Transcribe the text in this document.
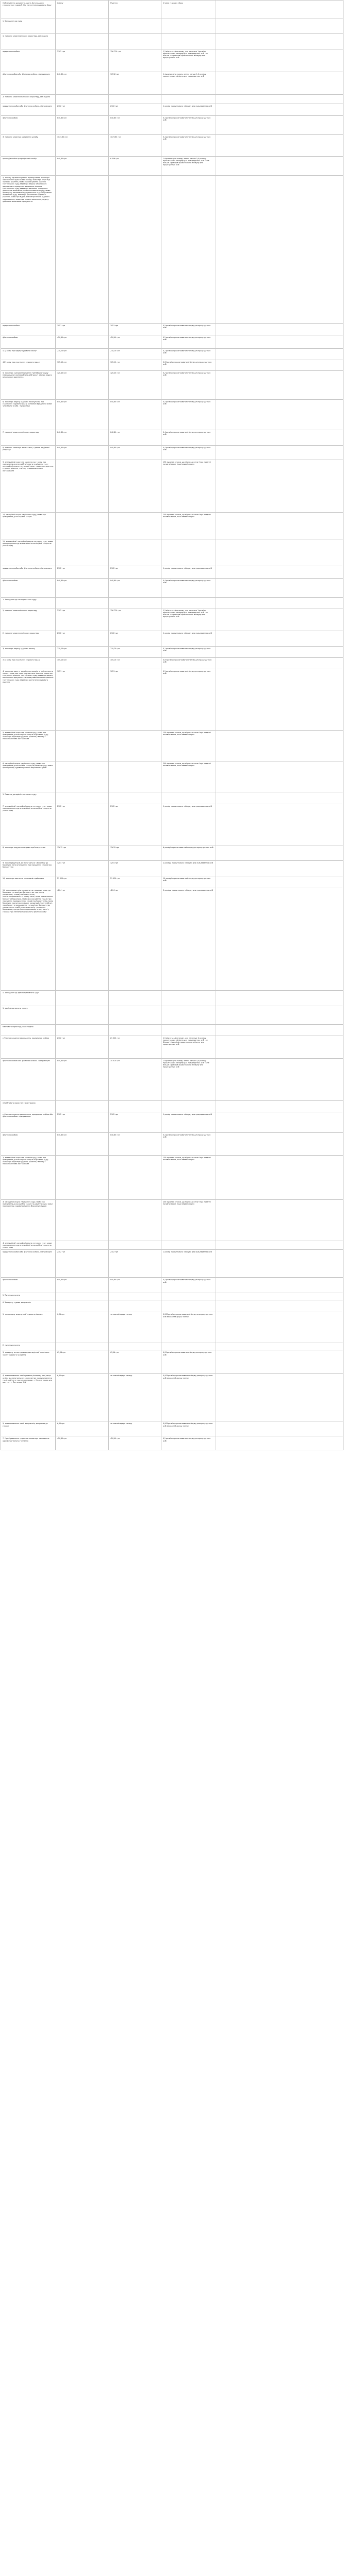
Найменування документа, що за його подання справляється судовий збір, та платника судового збору	Ухвалу	Рішення	Ставка судового збору	
1. За подання до суду:				
1) позовної заяви майнового характеру, яка подана				
юридичною особою	2102 грн	756 720 грн	1,5 відсотка ціни позову, але не нижче 1 розміру прожиткового мінімуму для працездатних осіб і не більше 350 розмірів прожиткового мінімуму для працездатних осіб	
фізичною особою або фізичною особою - підприємцем	840,80 грн	10512 грн	1 відсоток ціни позову, але не менше 0,4 розміру прожиткового мінімуму для працездатних осіб	
2) позовної заяви немайнового характеру, яка подана				
юридичною особою або фізичною особою - підприємцем	2102 грн	2102 грн	1 розмір прожиткового мінімуму для працездатних осіб	
фізичною особою	840,80 грн	840,80 грн	0,4 розміру прожиткового мінімуму для працездатних осіб	
3) позовної заяви про розірвання шлюбу	1073,60 грн	1073,60 грн	0,4 розміру прожиткового мінімуму для працездатних осіб	
про поділ майна при розірванні шлюбу	840,80 грн	6 306 грн	1 відсоток ціни позову, але не менше 0,4 розміру прожиткового мінімуму для працездатних осіб та не більше 3 розмірів прожиткового мінімуму для працездатних осіб	
4) заяви у справах окремого провадження; заяви про забезпечення доказів або позову; заяви про перегляд заочного рішення; заяви про скасування рішення третейського суду; заяви про видачу виконавчого документа на примусове виконання рішення третейського суду; заяви про визнання та надання дозволу на виконання рішення іноземного суду; заяви про видачу виконавчого документа на підставі рішення іноземного суду; заяви про роз'яснення судового рішення; заяви про відновлення втраченого судового провадження; заяви про поворот виконання, видачу дубліката виконавчого документа				
юридичною особою	1051 грн	1051 грн	0,5 розміру прожиткового мінімуму для працездатних осіб	
фізичною особою	420,40 грн	420,40 грн	0,2 розміру прожиткового мінімуму для працездатних осіб	
4-1) заяви про видачу судового наказу	210,20 грн	210,20 грн	0,1 розміру прожиткового мінімуму для працездатних осіб	
4-2) заяви про скасування судового наказу	105,10 грн	105,10 грн	0,05 розміру прожиткового мінімуму для працездатних осіб	
5) заяви про скасування рішення третейського суду (міжнародного комерційного арбітражу) або про видачу виконавчого документа	420,40 грн	420,40 грн	0,2 розміру прожиткового мінімуму для працездатних осіб	
6) заяви про видачу судового наказу/заяви про скасування судового наказу за заявою юридичної особи чи фізичної особи - підприємця	840,80 грн	840,80 грн	0,4 розміру прожиткового мінімуму для працездатних осіб	
7) позовної заяви немайнового характеру	840,80 грн	840,80 грн	0,4 розміру прожиткового мінімуму для працездатних осіб	
8) позовної заяви про захист честі, гідності та ділової репутації	840,80 грн	840,80 грн	0,4 розміру прожиткового мінімуму для працездатних осіб	
9) апеляційної скарги на рішення суду; заяви про приєднання до апеляційної скарги на рішення суду; апеляційної скарги на судовий наказ; заяви про перегляд судового рішення у зв'язку з нововиявленими обставинами			150 відсотків ставки, що підлягала сплаті при поданні позовної заяви, іншої заяви і скарги	
10) касаційної скарги на рішення суду; заяви про приєднання до касаційної скарги			200 відсотків ставки, що підлягала сплаті при поданні позовної заяви, іншої заяви і скарги	
11) апеляційної і касаційної скарги на ухвалу суду; заяви про приєднання до апеляційної чи касаційної скарги на ухвалу суду				
юридичною особою або фізичною особою - підприємцем	2102 грн	2102 грн	1 розмір прожиткового мінімуму для працездатних осіб	
фізичною особою	840,80 грн	840,80 грн	0,4 розміру прожиткового мінімуму для працездатних осіб	
2. За подання до господарського суду:				
1) позовної заяви майнового характеру	2102 грн	756 720 грн	1,5 відсотка ціни позову, але не нижче 1 розміру прожиткового мінімуму для працездатних осіб і не більше 350 розмірів прожиткового мінімуму для працездатних осіб	
2) позовної заяви немайнового характеру	2102 грн	2102 грн	1 розмір прожиткового мінімуму для працездатних осіб	
3) заяви про видачу судового наказу	210,20 грн	210,20 грн	0,1 розміру прожиткового мінімуму для працездатних осіб	
3-1) заяви про скасування судового наказу	105,10 грн	105,10 грн	0,05 розміру прожиткового мінімуму для працездатних осіб	
4) заяви про вжиття запобіжних заходів та забезпечення позову; заяви про перегляд заочного рішення; заяви про скасування рішення третейського суду; заяви про видачу виконавчого документа на примусове виконання рішення третейського суду; заяви про роз'яснення судового рішення	1051 грн	1051 грн	0,5 розміру прожиткового мінімуму для працездатних осіб	
5) апеляційної скарги на рішення суду; заяви про приєднання до апеляційної скарги на рішення суду; заяви про перегляд судового рішення у зв'язку з нововиявленими обставинами			150 відсотків ставки, що підлягала сплаті при поданні позовної заяви, іншої заяви і скарги	
6) касаційної скарги на рішення суду; заяви про приєднання до касаційної скарги на рішення суду; заяви про перегляд судового рішення Верховним Судом			200 відсотків ставки, що підлягала сплаті при поданні позовної заяви, іншої заяви і скарги	
3. Подання до адміністративного суду:				
7) апеляційної і касаційної скарги на ухвалу суду; заяви про приєднання до апеляційної чи касаційної скарги на ухвалу суду	2102 грн	2102 грн	1 розмір прожиткового мінімуму для працездатних осіб	
8) заяви про порушення справи про банкрутство	12612 грн	12612 грн	6 розмірів прожиткового мінімуму для працездатних осіб	
9) заяви кредиторів, які звертаються з вимогами до боржника після оголошення про порушення справи про банкрутство	4204 грн	4204 грн	2 розміри прожиткового мінімуму для працездатних осіб	
10) заяви про визнання правочинів недійсними	21 020 грн	21 020 грн	10 розмірів прожиткового мінімуму для працездатних осіб	
11) заяви кредиторів про визнання грошових вимог до боржника у справі про банкрутство, про заміну кредитора у справі про банкрутство (неплатоспроможність) в тому числі, заяви про визнання банкрутом боржника, заяви про скасування ухвали про порушення провадження у справі про банкрутство, заяви боржника про визнання вимог кредиторів (претензійна), про відкриття провадження у справі про банкрутство, про визнання недійсними правочинів, укладених боржником, про розірвання договорів, в тому числі у справах про неплатоспроможність фізичної особи	4204 грн	4204 грн	2 розміри прожиткового мінімуму для працездатних осіб	
4. За подання до адміністративного суду:				
1) адміністративного позову:				
майнового характеру, який подано				
суб'єктом владних повноважень, юридичною особою	2102 грн	21 020 грн	1,5 відсотка ціни позову, але не менше 1 розміру прожиткового мінімуму для працездатних осіб і не більше 10 розмірів прожиткового мінімуму для працездатних осіб	
фізичною особою або фізичною особою - підприємцем	840,80 грн	10 510 грн	1 відсоток ціни позову, але не менше 0,4 розміру прожиткового мінімуму для працездатних осіб та не більше 5 розмірів прожиткового мінімуму для працездатних осіб	
немайнового характеру, який подано				
суб'єктом владних повноважень, юридичною особою або фізичною особою - підприємцем	2102 грн	2102 грн	1 розмір прожиткового мінімуму для працездатних осіб	
фізичною особою	840,80 грн	840,80 грн	0,4 розміру прожиткового мінімуму для працездатних осіб	
2) апеляційної скарги на рішення суду; заяви про приєднання до апеляційної скарги на рішення суду; заяви про перегляд судового рішення у зв'язку з нововиявленими обставинами			150 відсотків ставки, що підлягала сплаті при поданні позовної заяви, іншої заяви і скарги	
3) касаційної скарги на рішення суду; заяви про приєднання до касаційної скарги на рішення суду; заяви про перегляд судового рішення Верховним Судом			200 відсотків ставки, що підлягала сплаті при поданні позовної заяви, іншої заяви і скарги	
4) апеляційної і касаційної скарги на ухвалу суду; заяви про приєднання до апеляційної чи касаційної скарги на ухвалу суду				
юридичною особою або фізичною особою - підприємцем	2102 грн	2102 грн	1 розмір прожиткового мінімуму для працездатних осіб	
фізичною особою	840,80 грн	840,80 грн	0,4 розміру прожиткового мінімуму для працездатних осіб	
5. Пункт виключено				
6. За видачу судами документів:				
1) за повторну видачу копії судового рішення	6,31 грн	за кожний аркуш паперу	0,003 розміру прожиткового мінімуму для працездатних осіб за кожний аркуш паперу	
2) пункт виключено				
3) за видачу в електронному вигляді копії технічного запису судового засідання	63,06 грн	63,06 грн	0,03 розміру прожиткового мінімуму для працездатних осіб	
4) за виготовлення копії судового рішення у разі, якщо особа, яка звертається з клопотанням про виготовлення такої копії, не є учасником справи, ... (Окремі норми для доступу) ... Постанова КМУ	6,31 грн	за кожний аркуш паперу	0,003 розміру прожиткового мінімуму для працездатних осіб за кожний аркуш паперу	
5) за виготовлення копій документів, долучених до справи	6,31 грн	за кожний аркуш паперу	0,003 розміру прожиткового мінімуму для працездатних осіб за кожний аркуш паперу	
7. У разі ухвалення судом постанови про накладення адміністративного стягнення	420,40 грн	420,40 грн	0,2 розміру прожиткового мінімуму для працездатних осіб	
